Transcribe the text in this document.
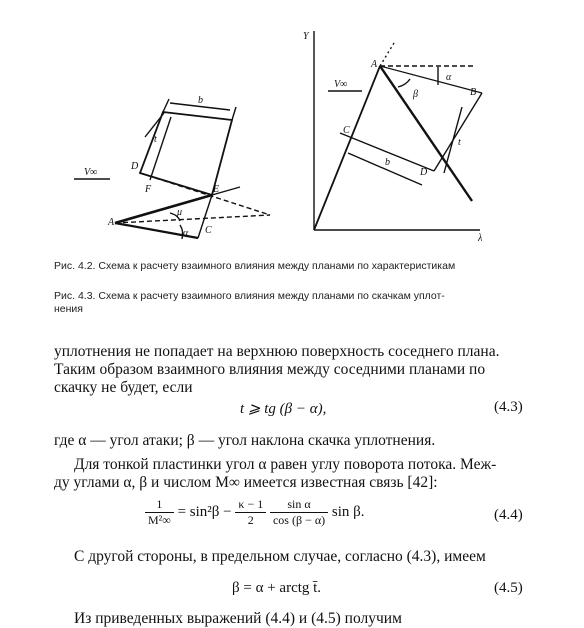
A
C
D
E
F
b
t
μ
α
V∞
Y
λ
A
B
C
D
α
β
b
t
V∞
Рис. 4.2. Схема к расчету взаимного влияния между планами по характеристикам
Рис. 4.3. Схема к расчету взаимного влияния между планами по скачкам уплот-
нения
уплотнения не попадает на верхнюю поверхность соседнего плана.
Таким образом взаимного влияния между соседними планами по
скачку не будет, если
t ⩾ tg (β − α),	(4.3)
где α — угол атаки; β — угол наклона скачка уплотнения.
Для тонкой пластинки угол α равен углу поворота потока. Меж-
ду углами α, β и числом M∞ имеется известная связь [42]:
$\frac{1}{\text{M²∞}} = \sin^2\beta - \frac{\kappa - 1}{2}$
$\frac{\text{sin α}}{\cos (\beta - \alpha)}$ sin β.	(4.4)
С другой стороны, в предельном случае, согласно (4.3), имеем
β = α + arctg t̄.	(4.5)
Из приведенных выражений (4.4) и (4.5) получим
